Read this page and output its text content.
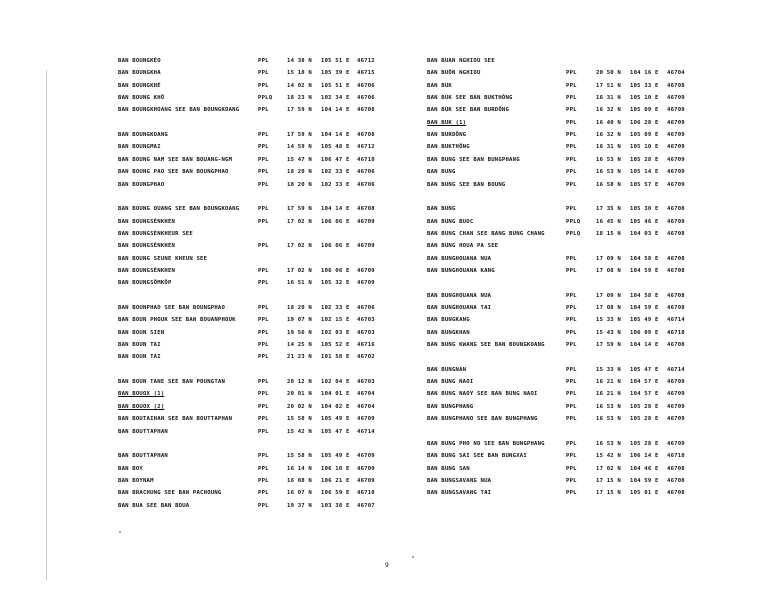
BAN BOUNGKÈO	PPL	14 38 N 105 51 E 46712
BAN BOUNGKHA	PPL	15 18 N 105 39 E 46715
BAN BOUNGKHÈ	PPL	14 02 N 105 51 E 46706
BAN BOUNG KHÔ	PPLQ	18 23 N 102 34 E 46706
BAN BOUNGKHOANG SEE BAN BOUNGKOANG	PPL	17 59 N 104 14 E 46708
BAN BOUNGKOANG	PPL	17 59 N 104 14 E 46708
BAN BOUNGMAI	PPL	14 59 N 105 48 E 46712
BAN BOUNG NAM SEE BAN BOUANG-NGM	PPL	15 47 N 106 47 E 46710
BAN BOUNG PAO SEE BAN BOUNGPHAO	PPL	18 20 N 102 33 E 46706
BAN BOUNGPHAO	PPL	18 20 N 102 33 E 46706
BAN BOUNG QUANG SEE BAN BOUNGKOANG	PPL	17 59 N 104 14 E 46708
BAN BOUNGSÈNKHEN	PPL	17 02 N 106 06 E 46709
BAN BOUNGSÈNKHEUR SEE
BAN BOUNGSÈNKHEN	PPL	17 02 N 106 06 E 46709
BAN BOUNG SEUNE KHEUN SEE
BAN BOUNGSÈNKHEN	PPL	17 02 N 106 06 E 46709
BAN BOUNGSÔMKÔP	PPL	16 51 N 105 32 E 46709
BAN BOUNPHAO SEE BAN BOUNGPHAO	PPL	18 20 N 102 33 E 46706
BAN BOUN PHOUK SEE BAN BOUANPHOUK	PPL	19 07 N 102 15 E 46703
BAN BOUN SIEN	PPL	19 56 N 102 03 E 46703
BAN BOUN TAI	PPL	14 25 N 105 52 E 46716
BAN BOUN TAI	PPL	21 23 N 101 58 E 46702
BAN BOUN TANE SEE BAN POUNGTAN	PPL	20 12 N 102 04 E 46703
BAN BOUOX (1)	PPL	20 01 N 104 01 E 46704
BAN BOUOX (2)	PPL	20 02 N 104 02 E 46704
BAN BOUTAIHAN SEE BAN BOUTTAPHAN	PPL	15 58 N 105 49 E 46709
BAN BOUTTAPHAN	PPL	15 42 N 105 47 E 46714
BAN BOUTTAPHAN	PPL	15 58 N 105 49 E 46709
BAN BOY	PPL	16 14 N 106 10 E 46709
BAN BOYNAM	PPL	16 08 N 106 21 E 46709
BAN BRACHUNG SEE BAN PACHOUNG	PPL	16 07 N 106 59 E 46710
BAN BUA SEE BAN BOUA	PPL	19 37 N 103 38 E 46707
BAN BUAN NGHIOU SEE
BAN BUÔN NGHIOU	PPL	20 50 N 104 16 E 46704
BAN BUK	PPL	17 51 N 105 33 E 46708
BAN BÚK SEE BAN BUKTHÔNG	PPL	16 31 N 105 10 E 46709
BAN BÚK SEE BAN BURDÔNG	PPL	16 32 N 105 09 E 46709
BAN BUK (1)	PPL	16 40 N 106 28 E 46709
BAN BURDÔNG	PPL	16 32 N 105 09 E 46709
BAN BUKTHÔNG	PPL	16 31 N 105 10 E 46709
BAN BUNG SEE BAN BUNGPHANG	PPL	16 53 N 105 28 E 46709
BAN BUNG	PPL	16 53 N 105 14 E 46709
BAN BUNG SEE BAN BOUNG	PPL	16 58 N 105 57 E 46709
BAN BUNG	PPL	17 35 N 105 30 E 46708
BAN BUNG BUOC	PPLQ	16 45 N 105 46 E 46709
BAN BUNG CHAN SEE BANG BUNG CHANG	PPLQ	18 15 N 104 03 E 46708
BAN BUNG HOUA PA SEE
BAN BUNGHOUANA NUA	PPL	17 09 N 104 58 E 46708
BAN BUNGHOUANA KANG	PPL	17 08 N 104 59 E 46708
BAN BUNGHOUANA NUA	PPL	17 09 N 104 58 E 46708
BAN BUNGHOUANA TAI	PPL	17 08 N 104 59 E 46708
BAN BUNGKANG	PPL	15 33 N 105 49 E 46714
BAN BUNGKHAN	PPL	15 43 N 106 09 E 46710
BAN BUNG KWANG SEE BAN BOUNGKOANG	PPL	17 59 N 104 14 E 46708
BAN BUNGNAN	PPL	15 33 N 105 47 E 46714
BAN BUNG NAOI	PPL	16 21 N 104 57 E 46709
BAN BUNG NAOY SEE BAN BUNG NAOI	PPL	16 21 N 104 57 E 46709
BAN BUNGPHANG	PPL	16 53 N 105 28 E 46709
BAN BUNGPHANO SEE BAN BUNGPHANG	PPL	16 53 N 105 28 E 46709
BAN BUNG PHO NO SEE BAN BUNGPHANG	PPL	16 53 N 105 28 E 46709
BAN BUNG SAI SEE BAN BUNGXAI	PPL	15 42 N 106 14 E 46710
BAN BUNG SAN	PPL	17 02 N 104 46 E 46708
BAN BUNGSAVANG NUA	PPL	17 15 N 104 59 E 46708
BAN BUNGSAVANG TAI	PPL	17 15 N 105 01 E 46708
9
